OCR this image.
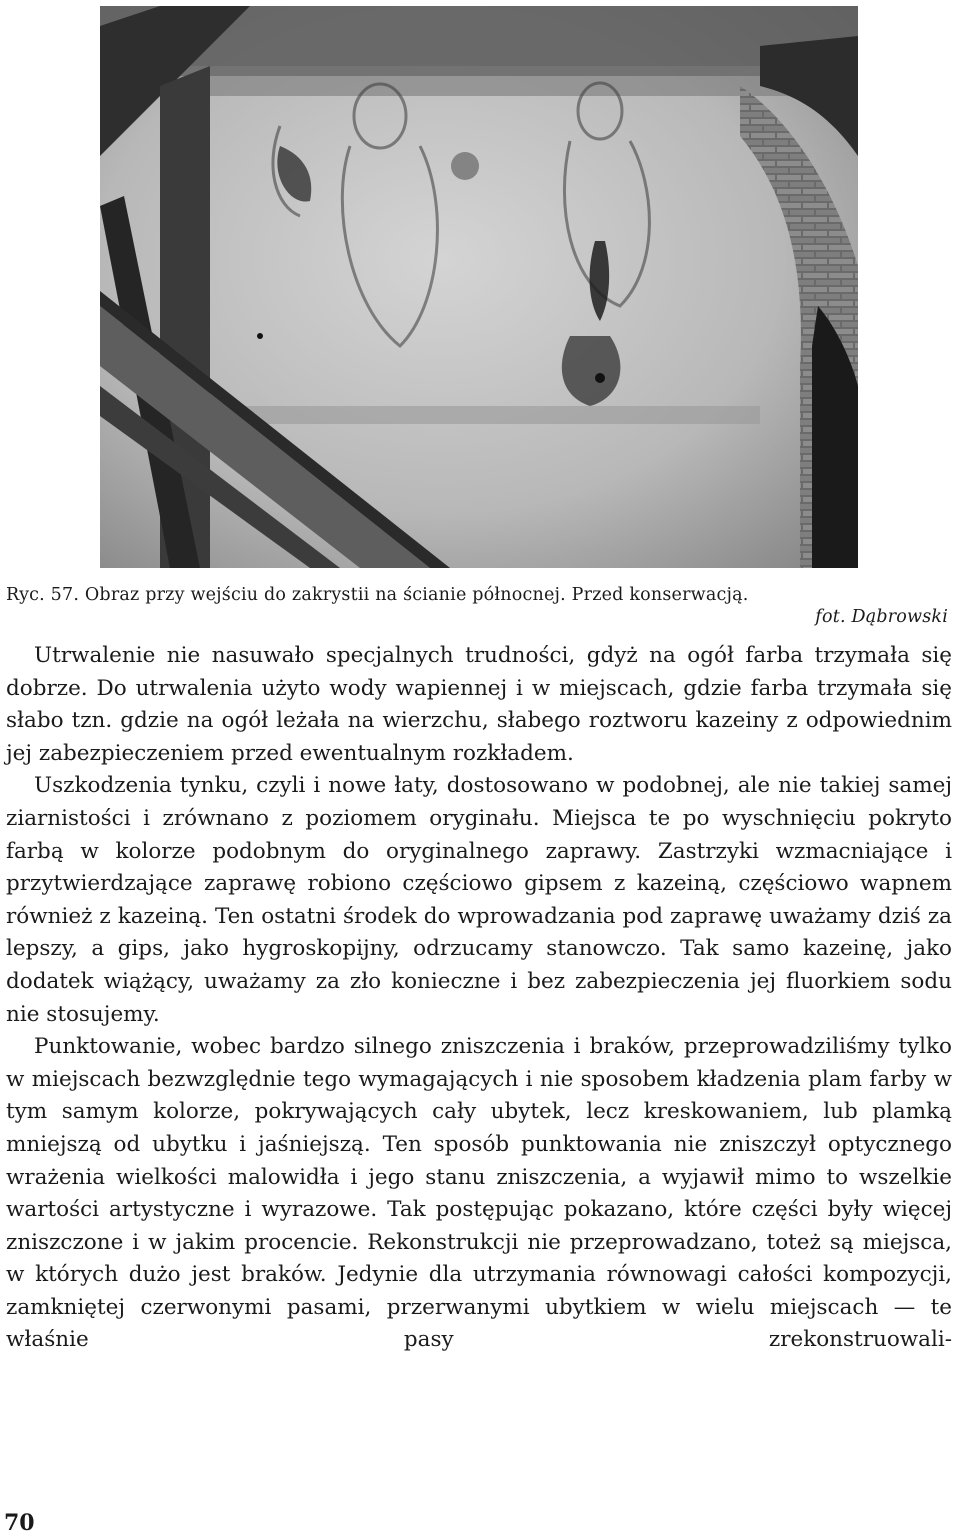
Ryc. 57. Obraz przy wejściu do zakrystii na ścianie północnej. Przed konserwacją.
fot. Dąbrowski

Utrwalenie nie nasuwało specjalnych trudności, gdyż na ogół farba trzymała się dobrze. Do utrwalenia użyto wody wapiennej i w miejscach, gdzie farba trzymała się słabo tzn. gdzie na ogół leżała na wierzchu, słabego roztworu kazeiny z odpowiednim jej zabezpieczeniem przed ewentualnym rozkładem.

Uszkodzenia tynku, czyli i nowe łaty, dostosowano w podobnej, ale nie takiej samej ziarnistości i zrównano z poziomem oryginału. Miejsca te po wyschnięciu pokryto farbą w kolorze podobnym do oryginalnego zaprawy. Zastrzyki wzmacniające i przytwierdzające zaprawę robiono częściowo gipsem z kazeiną, częściowo wapnem również z kazeiną. Ten ostatni środek do wprowadzania pod zaprawę uważamy dziś za lepszy, a gips, jako hygroskopijny, odrzucamy stanowczo. Tak samo kazeinę, jako dodatek wiążący, uważamy za zło konieczne i bez zabezpieczenia jej fluorkiem sodu nie stosujemy.

Punktowanie, wobec bardzo silnego zniszczenia i braków, przeprowadziliśmy tylko w miejscach bezwzględnie tego wymagających i nie sposobem kładzenia plam farby w tym samym kolorze, pokrywających cały ubytek, lecz kreskowaniem, lub plamką mniejszą od ubytku i jaśniejszą. Ten sposób punktowania nie zniszczył optycznego wrażenia wielkości malowidła i jego stanu zniszczenia, a wyjawił mimo to wszelkie wartości artystyczne i wyrazowe. Tak postępując pokazano, które części były więcej zniszczone i w jakim procencie. Rekonstrukcji nie przeprowadzano, toteż są miejsca, w których dużo jest braków. Jedynie dla utrzymania równowagi całości kompozycji, zamkniętej czerwonymi pasami, przerwanymi ubytkiem w wielu miejscach — te właśnie pasy zrekonstruowali-

70
